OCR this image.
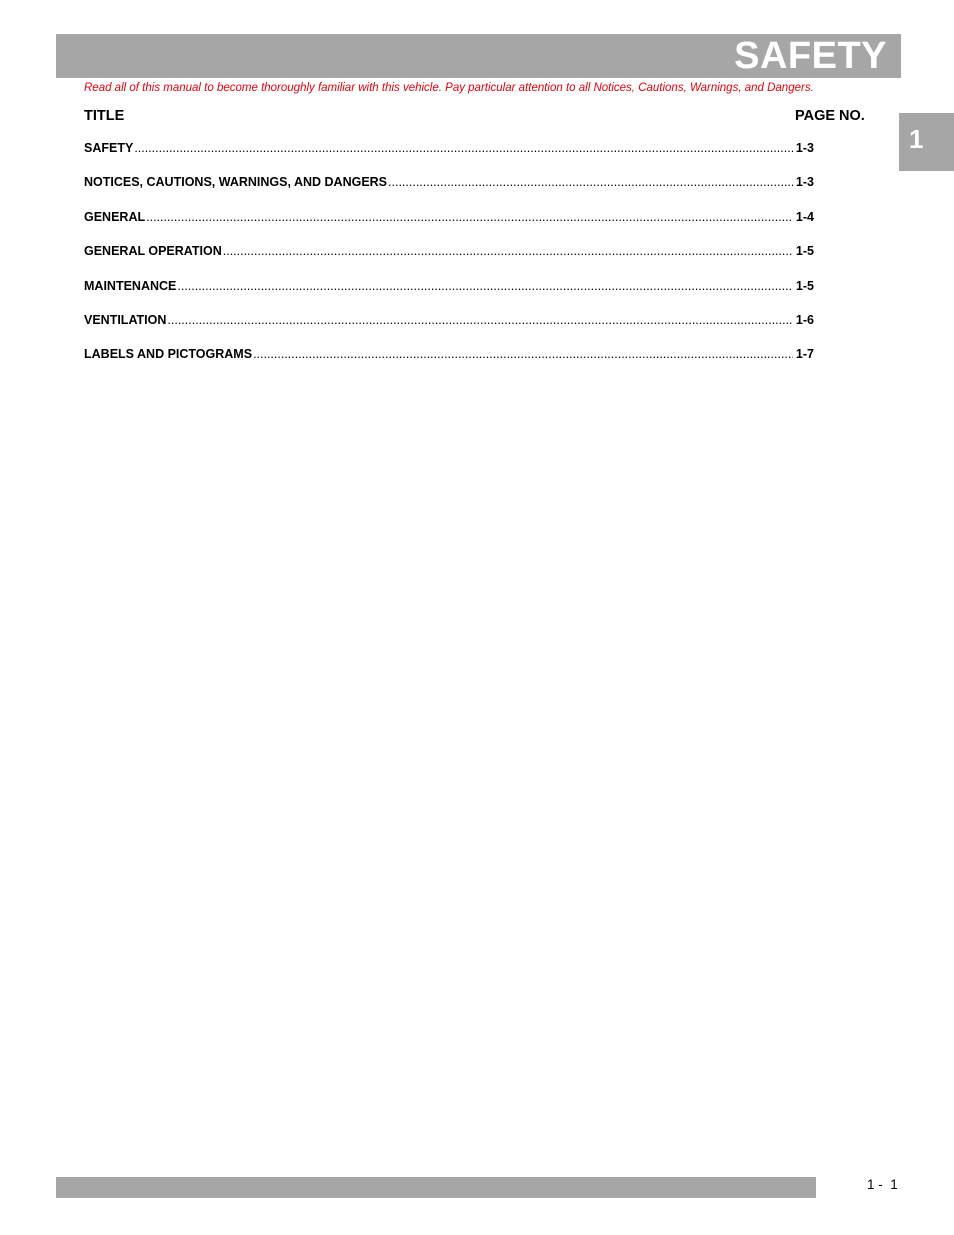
SAFETY
1
Read all of this manual to become thoroughly familiar with this vehicle. Pay particular attention to all Notices, Cautions, Warnings, and Dangers.
TITLE	PAGE NO.
SAFETY .....	1-3
NOTICES, CAUTIONS, WARNINGS, AND DANGERS .....	1-3
GENERAL .....	1-4
GENERAL OPERATION .....	1-5
MAINTENANCE .....	1-5
VENTILATION .....	1-6
LABELS AND PICTOGRAMS .....	1-7
1 -  1
